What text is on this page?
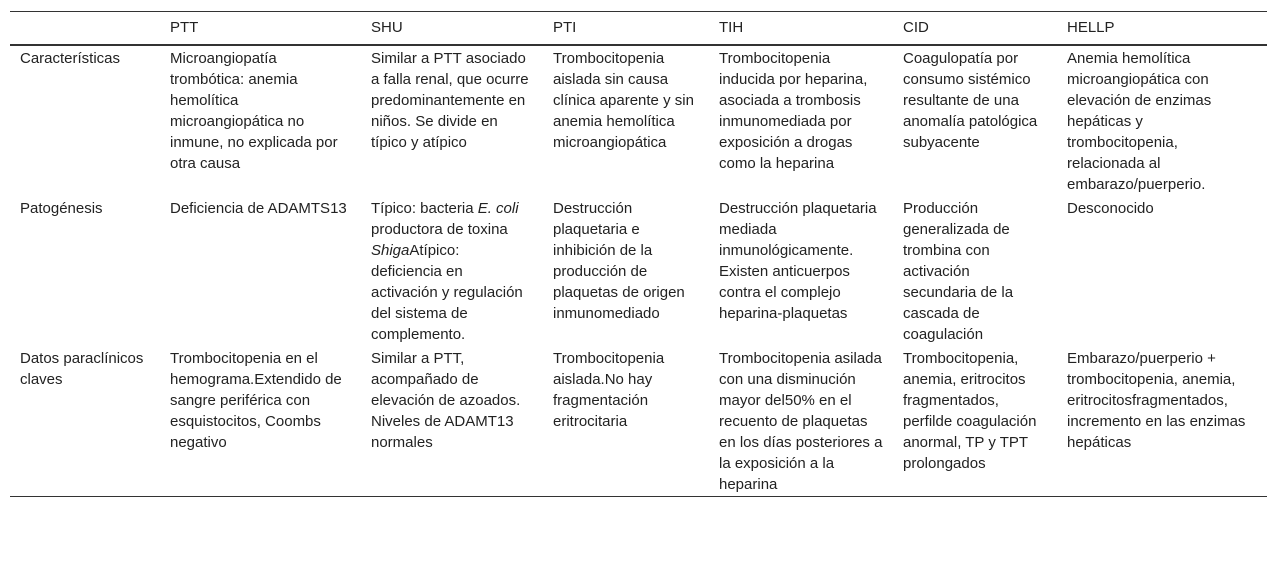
	PTT	SHU	PTI	TIH	CID	HELLP
Características	Microangiopatía trombótica: anemia hemolítica microangiopática no inmune, no explicada por otra causa	Similar a PTT asociado a falla renal, que ocurre predominantemente en niños. Se divide en típico y atípico	Trombocitopenia aislada sin causa clínica aparente y sin anemia hemolítica microangiopática	Trombocitopenia inducida por heparina, asociada a trombosis inmunomediada por exposición a drogas como la heparina	Coagulopatía por consumo sistémico resultante de una anomalía patológica subyacente	Anemia hemolítica microangiopática con elevación de enzimas hepáticas y trombocitopenia, relacionada al embarazo/puerperio.
Patogénesis	Deficiencia de ADAMTS13	Típico: bacteria E. coli productora de toxina ShigaAtípico: deficiencia en activación y regulación del sistema de complemento.	Destrucción plaquetaria e inhibición de la producción de plaquetas de origen inmunomediado	Destrucción plaquetaria mediada inmunológicamente. Existen anticuerpos contra el complejo heparina-plaquetas	Producción generalizada de trombina con activación secundaria de la cascada de coagulación	Desconocido
Datos paraclínicos claves	Trombocitopenia en el hemograma.Extendido de sangre periférica con esquistocitos, Coombs negativo	Similar a PTT, acompañado de elevación de azoados. Niveles de ADAMT13 normales	Trombocitopenia aislada.No hay fragmentación eritrocitaria	Trombocitopenia asilada con una disminución mayor del50% en el recuento de plaquetas en los días posteriores a la exposición a la heparina	Trombocitopenia, anemia, eritrocitos fragmentados, perfilde coagulación anormal, TP y TPT prolongados	Embarazo/puerperio + trombocitopenia, anemia, eritrocitosfragmentados, incremento en las enzimas hepáticas
